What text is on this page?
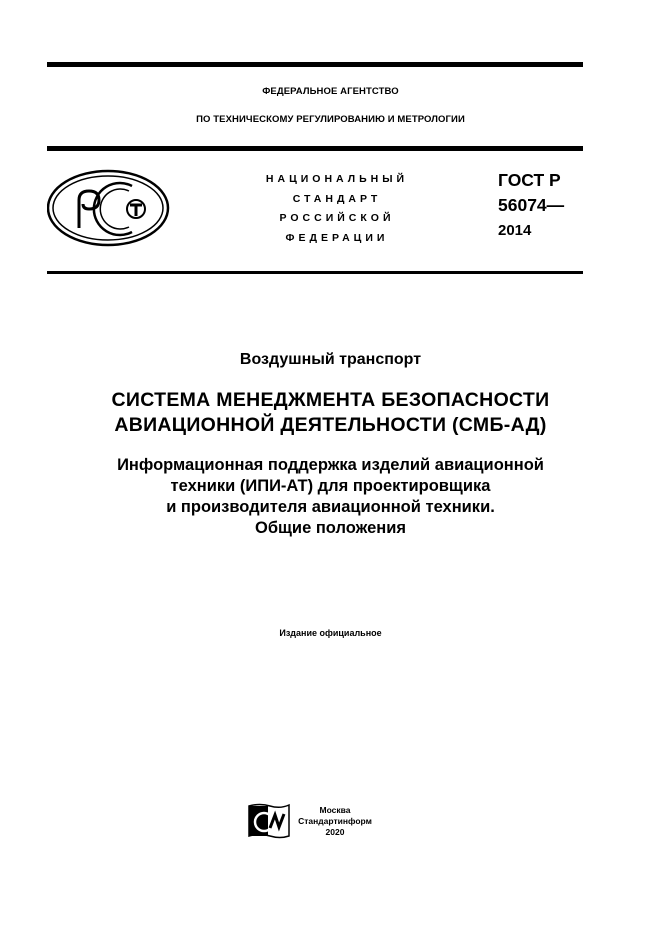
ФЕДЕРАЛЬНОЕ АГЕНТСТВО
ПО ТЕХНИЧЕСКОМУ РЕГУЛИРОВАНИЮ И МЕТРОЛОГИИ
НАЦИОНАЛЬНЫЙ
СТАНДАРТ
РОССИЙСКОЙ
ФЕДЕРАЦИИ
ГОСТ Р
56074—
2014
Воздушный транспорт
СИСТЕМА МЕНЕДЖМЕНТА БЕЗОПАСНОСТИ
АВИАЦИОННОЙ ДЕЯТЕЛЬНОСТИ (СМБ-АД)
Информационная поддержка изделий авиационной
техники (ИПИ-АТ) для проектировщика
и производителя авиационной техники.
Общие положения
Издание официальное
Москва
Стандартинформ
2020
